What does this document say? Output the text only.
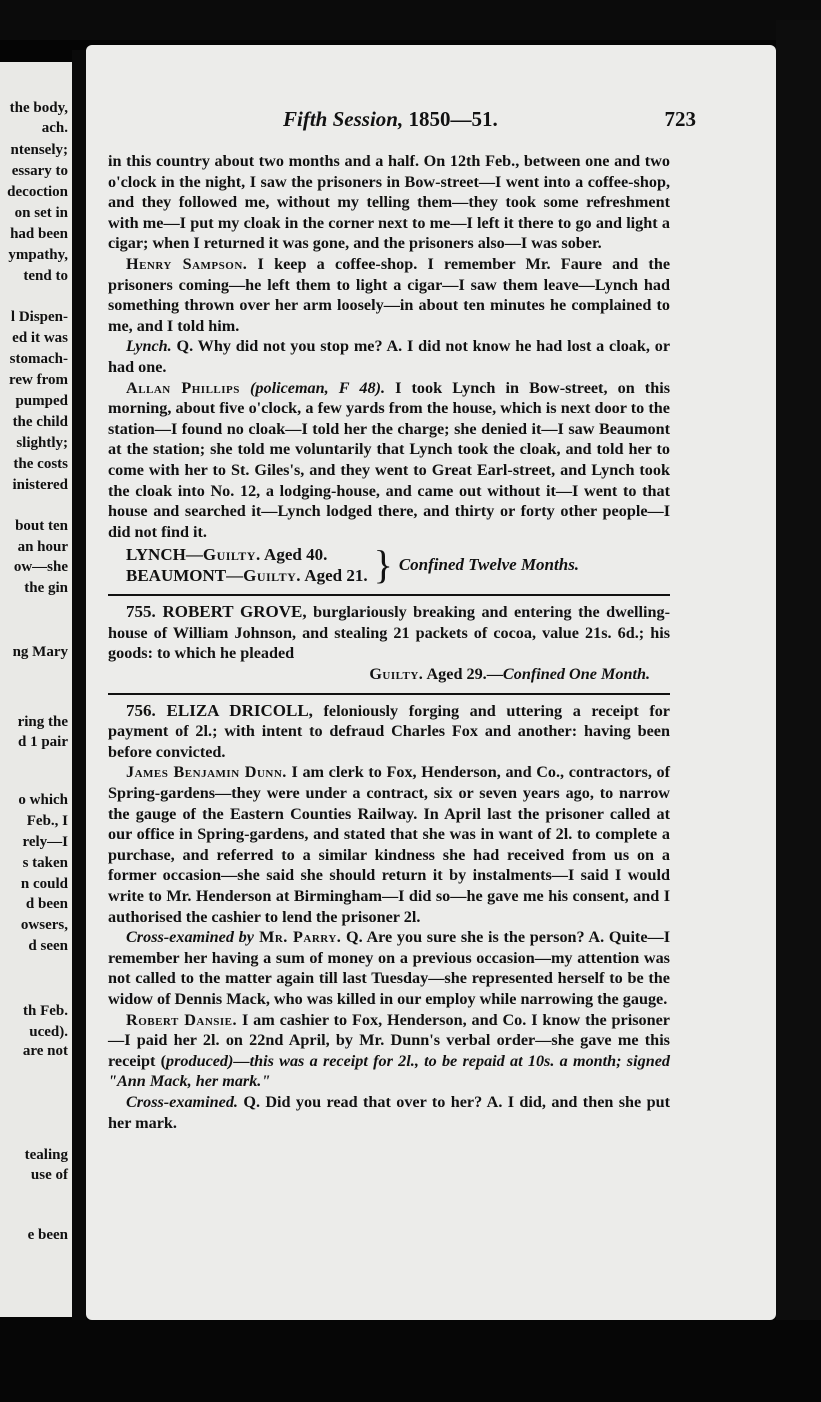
the body,
ach.
ntensely;
essary to
decoction
on set in
had been
ympathy,
tend to
l Dispen-
ed it was
stomach-
rew from
pumped
the child
slightly;
the costs
inistered
bout ten
an hour
ow—she
the gin
ng Mary
ring the
d 1 pair
o which
Feb., I
rely—I
s taken
n could
d been
owsers,
d seen
th Feb.
uced).
are not
tealing
use of
e been
Fifth Session, 1850—51.	723

in this country about two months and a half. On 12th Feb., between one and two o'clock in the night, I saw the prisoners in Bow-street—I went into a coffee-shop, and they followed me, without my telling them—they took some refreshment with me—I put my cloak in the corner next to me—I left it there to go and light a cigar; when I returned it was gone, and the prisoners also—I was sober.

Henry Sampson. I keep a coffee-shop. I remember Mr. Faure and the prisoners coming—he left them to light a cigar—I saw them leave—Lynch had something thrown over her arm loosely—in about ten minutes he complained to me, and I told him.

Lynch. Q. Why did not you stop me? A. I did not know he had lost a cloak, or had one.

Allan Phillips (policeman, F 48). I took Lynch in Bow-street, on this morning, about five o'clock, a few yards from the house, which is next door to the station—I found no cloak—I told her the charge; she denied it—I saw Beaumont at the station; she told me voluntarily that Lynch took the cloak, and told her to come with her to St. Giles's, and they went to Great Earl-street, and Lynch took the cloak into No. 12, a lodging-house, and came out without it—I went to that house and searched it—Lynch lodged there, and thirty or forty other people—I did not find it.

LYNCH—Guilty. Aged 40.
BEAUMONT—Guilty. Aged 21. } Confined Twelve Months.

755. ROBERT GROVE, burglariously breaking and entering the dwelling-house of William Johnson, and stealing 21 packets of cocoa, value 21s. 6d.; his goods: to which he pleaded

Guilty. Aged 29.—Confined One Month.

756. ELIZA DRICOLL, feloniously forging and uttering a receipt for payment of 2l.; with intent to defraud Charles Fox and another: having been before convicted.

James Benjamin Dunn. I am clerk to Fox, Henderson, and Co., contractors, of Spring-gardens—they were under a contract, six or seven years ago, to narrow the gauge of the Eastern Counties Railway. In April last the prisoner called at our office in Spring-gardens, and stated that she was in want of 2l. to complete a purchase, and referred to a similar kindness she had received from us on a former occasion—she said she should return it by instalments—I said I would write to Mr. Henderson at Birmingham—I did so—he gave me his consent, and I authorised the cashier to lend the prisoner 2l.

Cross-examined by Mr. Parry. Q. Are you sure she is the person? A. Quite—I remember her having a sum of money on a previous occasion—my attention was not called to the matter again till last Tuesday—she represented herself to be the widow of Dennis Mack, who was killed in our employ while narrowing the gauge.

Robert Dansie. I am cashier to Fox, Henderson, and Co. I know the prisoner—I paid her 2l. on 22nd April, by Mr. Dunn's verbal order—she gave me this receipt (produced)—this was a receipt for 2l., to be repaid at 10s. a month; signed "Ann Mack, her mark."

Cross-examined. Q. Did you read that over to her? A. I did, and then she put her mark.
